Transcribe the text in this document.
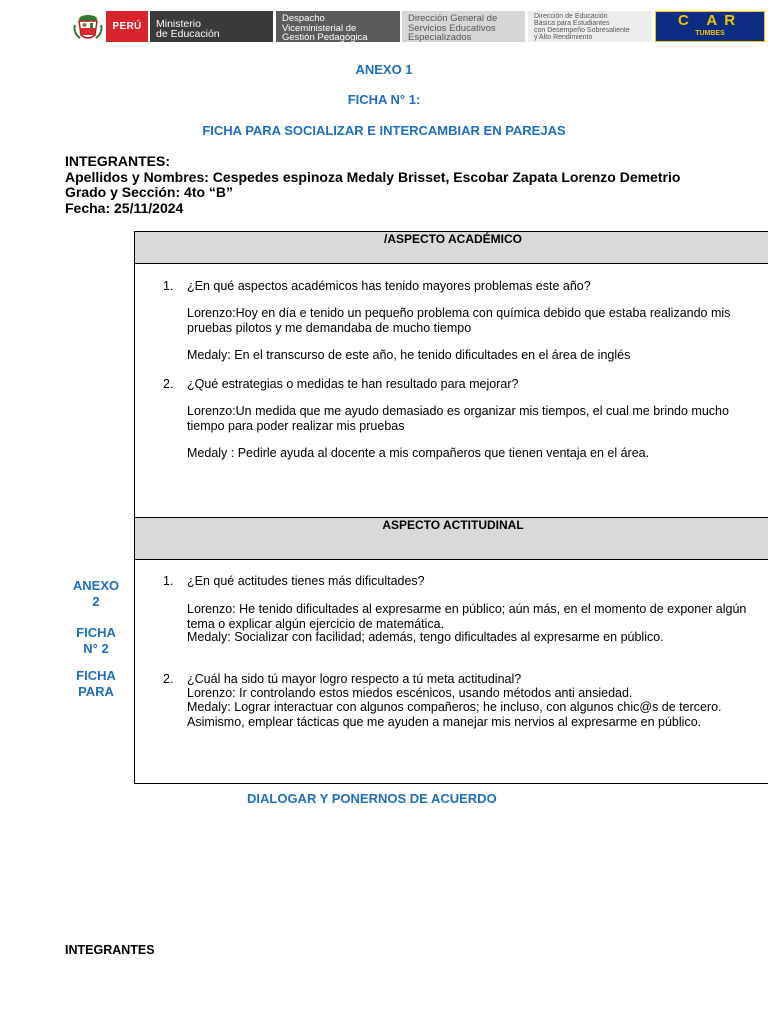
PERÚ Ministerio
de Educación
Despacho
Viceministerial de
Gestión Pedagógica
Dirección General de
Servicios Educativos
Especializados
Dirección de Educación
Básica para Estudiantes
con Desempeño Sobresaliente
y Alto Rendimiento
C AR
TUMBES
ANEXO 1
FICHA N° 1:
FICHA PARA SOCIALIZAR E INTERCAMBIAR EN PAREJAS
INTEGRANTES:
Apellidos y Nombres: Cespedes espinoza Medaly Brisset, Escobar Zapata Lorenzo Demetrio
Grado y Sección: 4to “B”
Fecha: 25/11/2024
/ASPECTO ACADÉMICO
1. ¿En qué aspectos académicos has tenido mayores problemas este año?
Lorenzo:Hoy en día e tenido un pequeño problema con química debido que estaba realizando mis
pruebas pilotos y me demandaba de mucho tiempo
Medaly: En el transcurso de este año, he tenido dificultades en el área de inglés
2. ¿Qué estrategias o medidas te han resultado para mejorar?
Lorenzo:Un medida que me ayudo demasiado es organizar mis tiempos, el cual me brindo mucho
tiempo para poder realizar mis pruebas
Medaly : Pedirle ayuda al docente a mis compañeros que tienen ventaja en el área.
ASPECTO ACTITUDINAL
1. ¿En qué actitudes tienes más dificultades?
Lorenzo: He tenido dificultades al expresarme en público; aún más, en el momento de exponer algún
tema o explicar algún ejercicio de matemática.
Medaly: Socializar con facilidad; además, tengo dificultades al expresarme en público.
2. ¿Cuál ha sido tú mayor logro respecto a tú meta actitudinal?
Lorenzo: Ir controlando estos miedos escénicos, usando métodos anti ansiedad.
Medaly: Lograr interactuar con algunos compañeros; he incluso, con algunos chic@s de tercero.
Asimismo, emplear tácticas que me ayuden a manejar mis nervios al expresarme en público.
ANEXO
2
FICHA
N° 2
FICHA
PARA
DIALOGAR Y PONERNOS DE ACUERDO
INTEGRANTES
